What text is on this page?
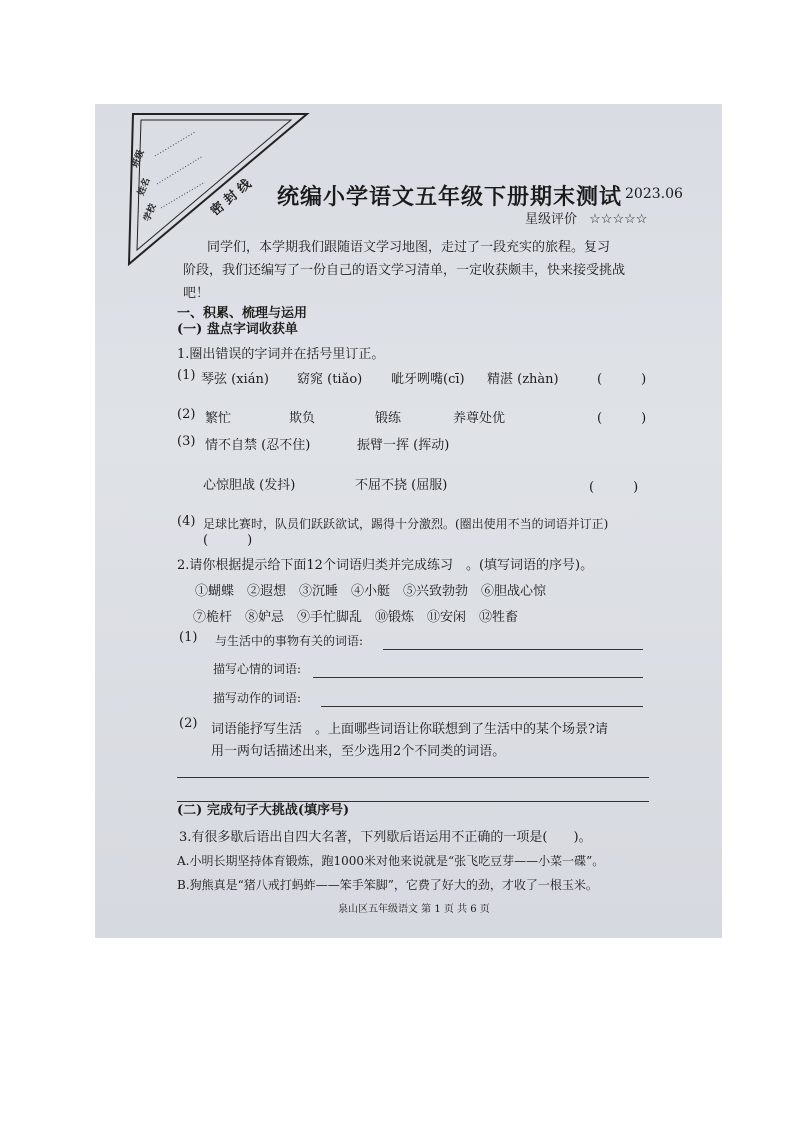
班级
姓名
学校	密 封 线 统编小学语文五年级下册期末测试 2023.06
星级评价 ☆☆☆☆☆
同学们，本学期我们跟随语文学习地图，走过了一段充实的旅程。复习
阶段，我们还编写了一份自己的语文学习清单，一定收获颇丰，快来接受挑战
吧！
一、积累、梳理与运用
(一) 盘点字词收获单
1.圈出错误的字词并在括号里订正。
(1) 琴弦 (xián) 窈窕 (tiǎo) 呲牙咧嘴(cī) 精湛 (zhàn)	(　　　)
(2) 繁忙	欺负	锻练	养尊处优	(　　　)
(3) 情不自禁 (忍不住)	振臂一挥 (挥动)
心惊胆战 (发抖)	不屈不挠 (屈服)	(　　　)
(4) 足球比赛时，队员们跃跃欲试，踢得十分激烈。(圈出使用不当的词语并订正)
(　　　)
2.请你根据提示给下面12个词语归类并完成练习　。(填写词语的序号)。
①蝴蝶　②遐想　③沉睡　④小艇　⑤兴致勃勃　⑥胆战心惊
⑦桅杆　⑧妒忌　⑨手忙脚乱　⑩锻炼　⑪安闲　⑫牲畜
(1) 与生活中的事物有关的词语:
描写心情的词语:
描写动作的词语:
(2) 词语能抒写生活　。上面哪些词语让你联想到了生活中的某个场景?请
用一两句话描述出来，至少选用2个不同类的词语。
(二) 完成句子大挑战(填序号)
3.有很多歇后语出自四大名著，下列歇后语运用不正确的一项是(　　)。
A.小明长期坚持体育锻炼，跑1000米对他来说就是“张飞吃豆芽——小菜一碟”。
B.狗熊真是“猪八戒打蚂蚱——笨手笨脚”，它费了好大的劲，才收了一根玉米。
泉山区五年级语文 第 1 页 共 6 页
